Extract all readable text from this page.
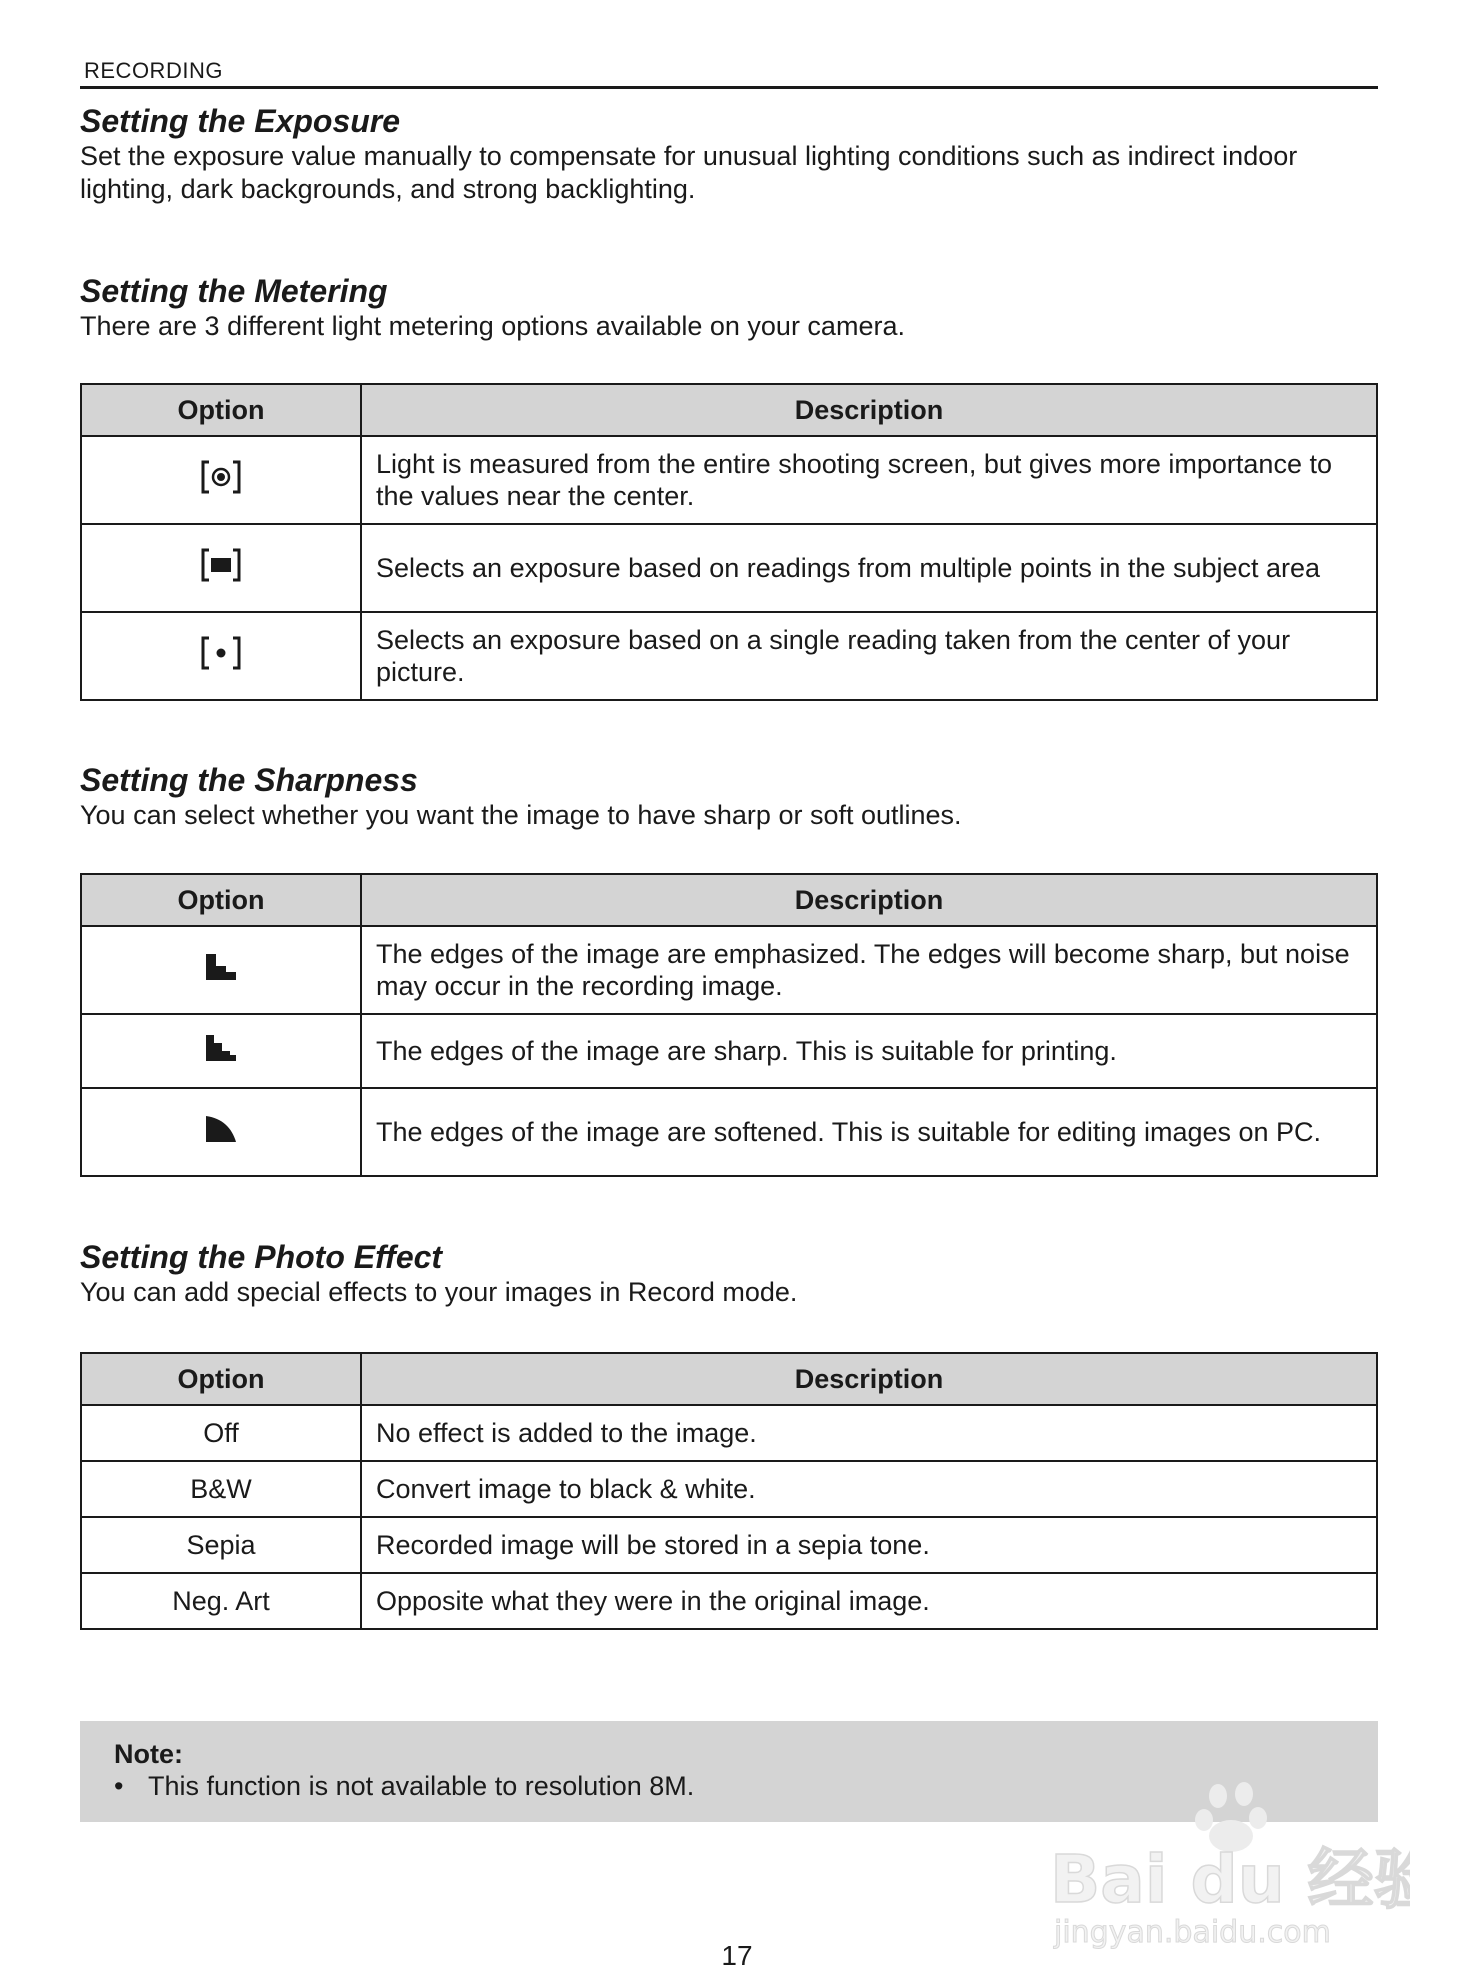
RECORDING
Setting the Exposure

Set the exposure value manually to compensate for unusual lighting conditions such as indirect indoor lighting, dark backgrounds, and strong backlighting.

Setting the Metering

There are 3 different light metering options available on your camera.

Option	Description
	Light is measured from the entire shooting screen, but gives more importance to the values near the center.
	Selects an exposure based on readings from multiple points in the subject area
	Selects an exposure based on a single reading taken from the center of your picture.
Setting the Sharpness

You can select whether you want the image to have sharp or soft outlines.

Option	Description
	The edges of the image are emphasized. The edges will become sharp, but noise may occur in the recording image.
	The edges of the image are sharp. This is suitable for printing.
	The edges of the image are softened. This is suitable for editing images on PC.
Setting the Photo Effect

You can add special effects to your images in Record mode.

Option	Description
Off	No effect is added to the image.
B&W	Convert image to black & white.
Sepia	Recorded image will be stored in a sepia tone.
Neg. Art	Opposite what they were in the original image.
Note:
• This function is not available to resolution 8M.
Bai du 经验
jingyan.baidu.com
17
